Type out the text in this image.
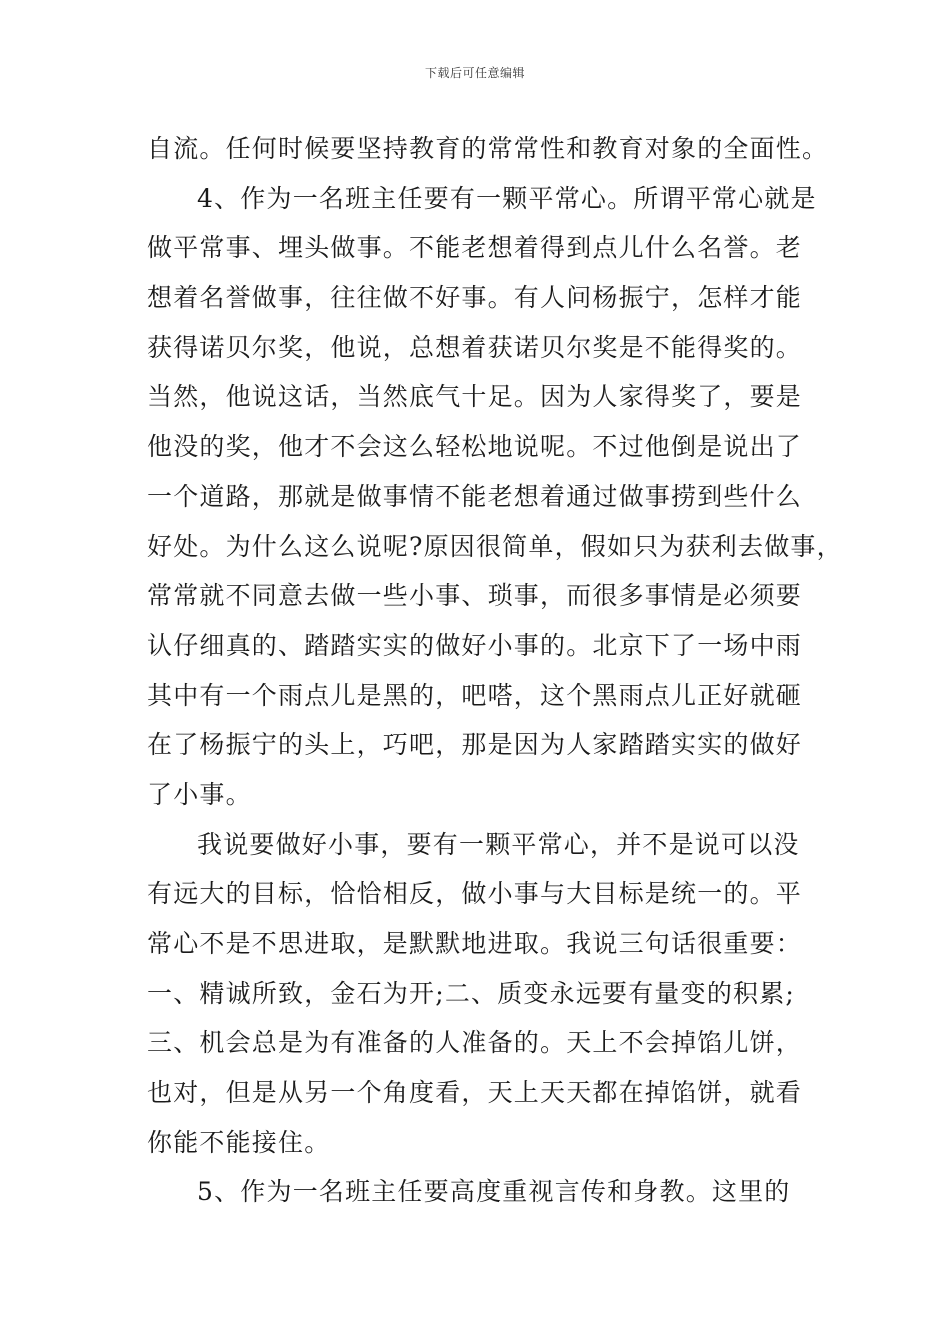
下载后可任意编辑
自流。任何时候要坚持教育的常常性和教育对象的全面性。
4、作为一名班主任要有一颗平常心。所谓平常心就是
做平常事、埋头做事。不能老想着得到点儿什么名誉。老
想着名誉做事，往往做不好事。有人问杨振宁，怎样才能
获得诺贝尔奖，他说，总想着获诺贝尔奖是不能得奖的。
当然，他说这话，当然底气十足。因为人家得奖了，要是
他没的奖，他才不会这么轻松地说呢。不过他倒是说出了
一个道路，那就是做事情不能老想着通过做事捞到些什么
好处。为什么这么说呢?原因很简单，假如只为获利去做事，
常常就不同意去做一些小事、琐事，而很多事情是必须要
认仔细真的、踏踏实实的做好小事的。北京下了一场中雨
其中有一个雨点儿是黑的，吧嗒，这个黑雨点儿正好就砸
在了杨振宁的头上，巧吧，那是因为人家踏踏实实的做好
了小事。
我说要做好小事，要有一颗平常心，并不是说可以没
有远大的目标，恰恰相反，做小事与大目标是统一的。平
常心不是不思进取，是默默地进取。我说三句话很重要：
一、精诚所致，金石为开;二、质变永远要有量变的积累;
三、机会总是为有准备的人准备的。天上不会掉馅儿饼，
也对，但是从另一个角度看，天上天天都在掉馅饼，就看
你能不能接住。
5、作为一名班主任要高度重视言传和身教。这里的
